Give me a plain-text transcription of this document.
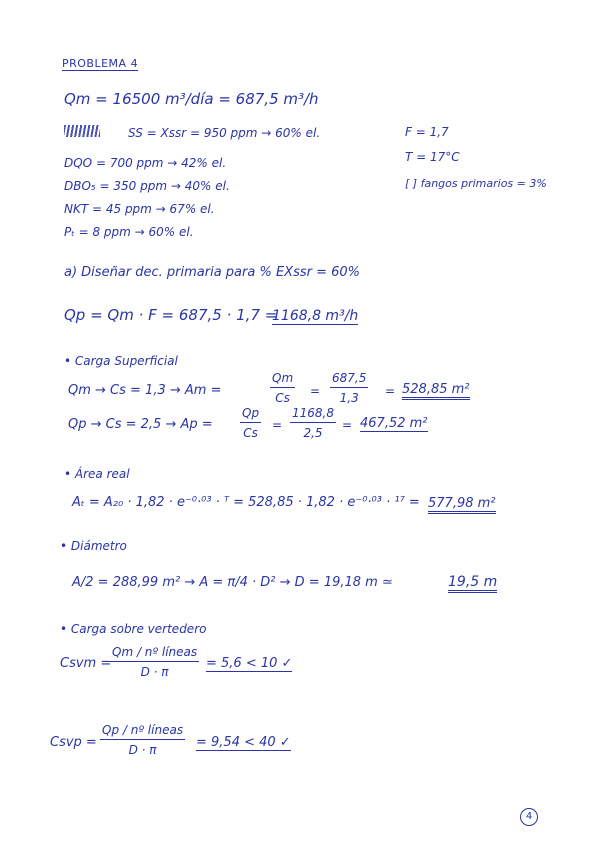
PROBLEMA 4
Qm = 16500 m³/día = 687,5 m³/h
SS = Xssr = 950 ppm → 60% el.
DQO = 700 ppm → 42% el.
DBO₅ = 350 ppm → 40% el.
NKT = 45 ppm → 67% el.
Pₜ = 8 ppm → 60% el.
F = 1,7
T = 17°C
[ ] fangos primarios = 3%
a) Diseñar dec. primaria para % EXssr = 60%
Qp = Qm · F = 687,5 · 1,7 =
1168,8 m³/h
• Carga Superficial
Qm → Cs = 1,3 → Am =	$\frac{Qm}{Cs} = \frac{687,5}{1,3} = 528,85$ m²
$Qp \to Cs = 2,5 \to Ap = \frac{Qp}{Cs} = \frac{1168,8}{2,5} = 467,52$ m²
• Área real
Aₜ = A₂₀ · 1,82 · e⁻⁰·⁰³ · ᵀ = 528,85 · 1,82 · e⁻⁰·⁰³ · ¹⁷ = 577,98 m²
• Diámetro
A/2 = 288,99 m² → A = π/4 · D² → D = 19,18 m ≃	19,5 m
• Carga sobre vertedero
Csvm =
Qm / nº líneas
D · π
= 5,6 < 10 ✓
Csvp =
Qp / nº líneas
D · π	= 9,54 < 40 ✓
4
